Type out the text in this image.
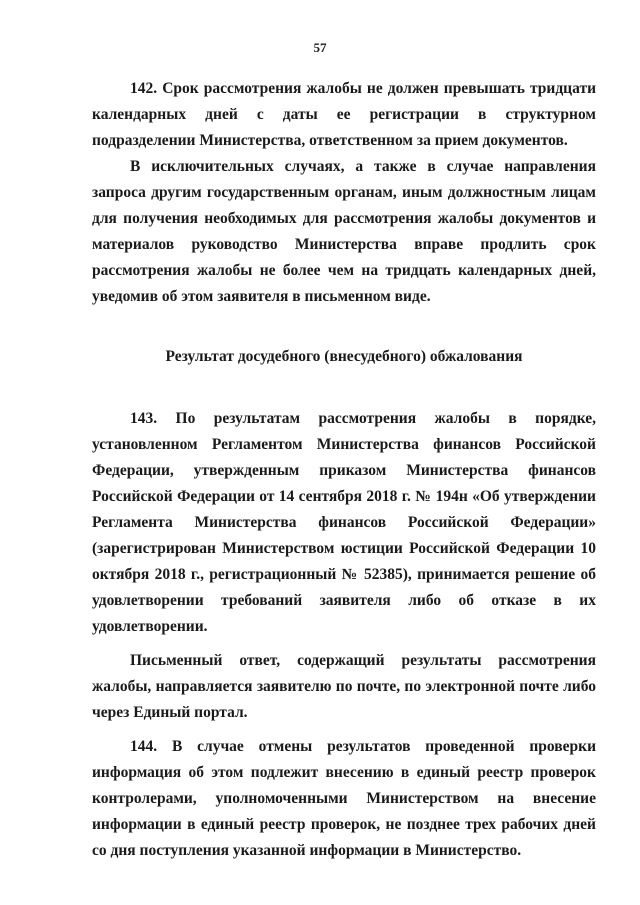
57

142. Срок рассмотрения жалобы не должен превышать тридцати календарных дней с даты ее регистрации в структурном подразделении Министерства, ответственном за прием документов.

В исключительных случаях, а также в случае направления запроса другим государственным органам, иным должностным лицам для получения необходимых для рассмотрения жалобы документов и материалов руководство Министерства вправе продлить срок рассмотрения жалобы не более чем на тридцать календарных дней, уведомив об этом заявителя в письменном виде.

Результат досудебного (внесудебного) обжалования

143. По результатам рассмотрения жалобы в порядке, установленном Регламентом Министерства финансов Российской Федерации, утвержденным приказом Министерства финансов Российской Федерации от 14 сентября 2018 г. № 194н «Об утверждении Регламента Министерства финансов Российской Федерации» (зарегистрирован Министерством юстиции Российской Федерации 10 октября 2018 г., регистрационный № 52385), принимается решение об удовлетворении требований заявителя либо об отказе в их удовлетворении.

Письменный ответ, содержащий результаты рассмотрения жалобы, направляется заявителю по почте, по электронной почте либо через Единый портал.

144. В случае отмены результатов проведенной проверки информация об этом подлежит внесению в единый реестр проверок контролерами, уполномоченными Министерством на внесение информации в единый реестр проверок, не позднее трех рабочих дней со дня поступления указанной информации в Министерство.
